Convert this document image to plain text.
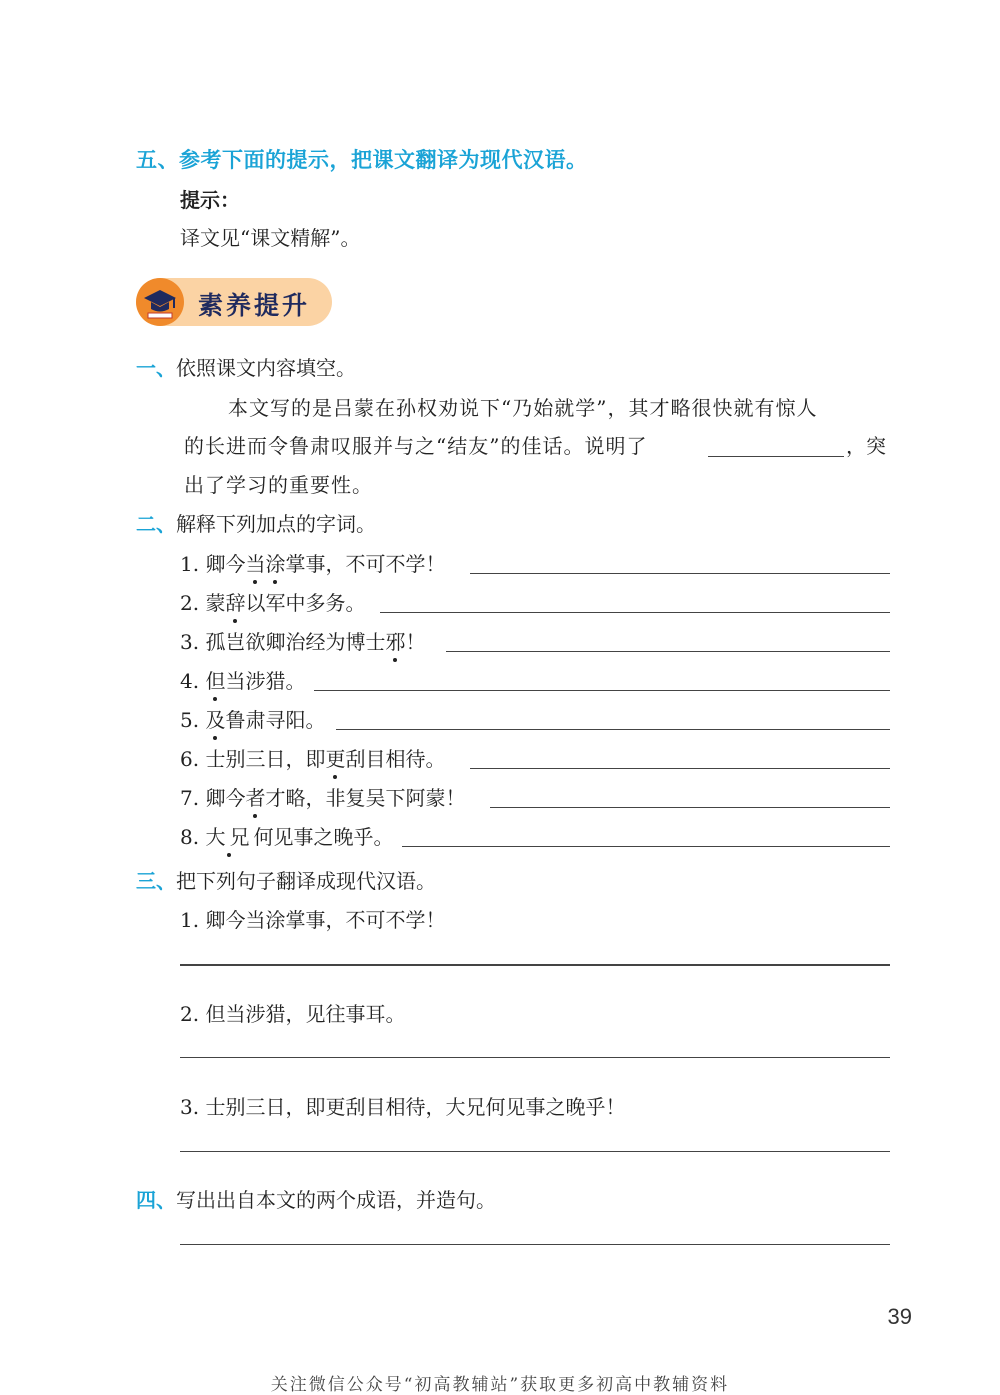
五、参考下面的提示，把课文翻译为现代汉语。
提示：
译文见“课文精解”。
素养提升
一、依照课文内容填空。
本文写的是吕蒙在孙权劝说下“乃始就学”，其才略很快就有惊人
的长进而令鲁肃叹服并与之“结友”的佳话。说明了	，突
出了学习的重要性。
二、解释下列加点的字词。
1. 卿今当涂掌事，不可不学！
2. 蒙辞以军中多务。
3. 孤岂欲卿治经为博士邪！
4. 但当涉猎。
5. 及鲁肃寻阳。
6. 士别三日，即更刮目相待。
7. 卿今者才略，非复吴下阿蒙！
8. 大兄何见事之晚乎。
三、把下列句子翻译成现代汉语。
1. 卿今当涂掌事，不可不学！
2. 但当涉猎，见往事耳。
3. 士别三日，即更刮目相待，大兄何见事之晚乎！
四、写出出自本文的两个成语，并造句。
39
关注微信公众号“初高教辅站”获取更多初高中教辅资料
